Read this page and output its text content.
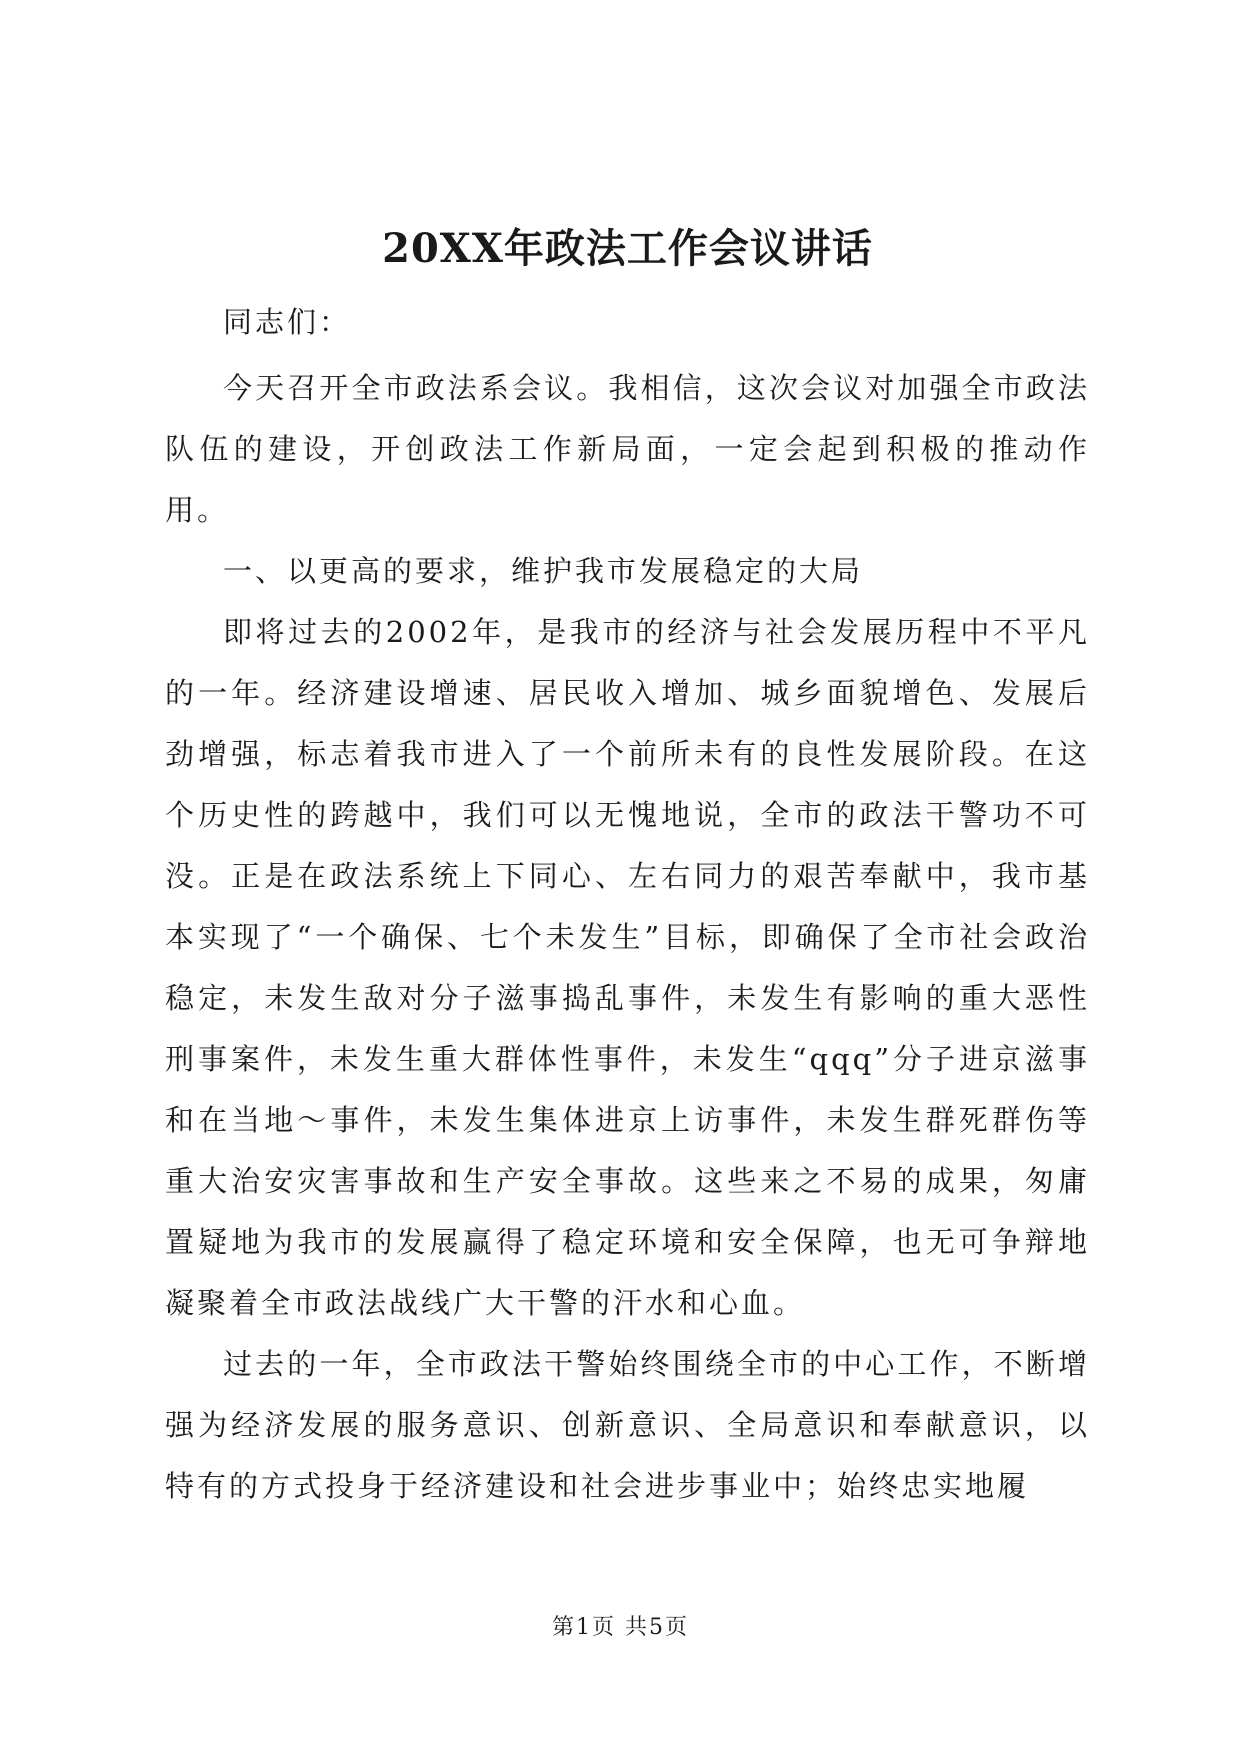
20XX年政法工作会议讲话

同志们：

今天召开全市政法系会议。我相信，这次会议对加强全市政法队伍的建设，开创政法工作新局面，一定会起到积极的推动作用。

一、以更高的要求，维护我市发展稳定的大局

即将过去的2002年，是我市的经济与社会发展历程中不平凡的一年。经济建设增速、居民收入增加、城乡面貌增色、发展后劲增强，标志着我市进入了一个前所未有的良性发展阶段。在这个历史性的跨越中，我们可以无愧地说，全市的政法干警功不可没。正是在政法系统上下同心、左右同力的艰苦奉献中，我市基本实现了“一个确保、七个未发生”目标，即确保了全市社会政治稳定，未发生敌对分子滋事捣乱事件，未发生有影响的重大恶性刑事案件，未发生重大群体性事件，未发生“qqq”分子进京滋事和在当地～事件，未发生集体进京上访事件，未发生群死群伤等重大治安灾害事故和生产安全事故。这些来之不易的成果，匆庸置疑地为我市的发展赢得了稳定环境和安全保障，也无可争辩地凝聚着全市政法战线广大干警的汗水和心血。

过去的一年，全市政法干警始终围绕全市的中心工作，不断增强为经济发展的服务意识、创新意识、全局意识和奉献意识，以特有的方式投身于经济建设和社会进步事业中；始终忠实地履

第1页 共5页
